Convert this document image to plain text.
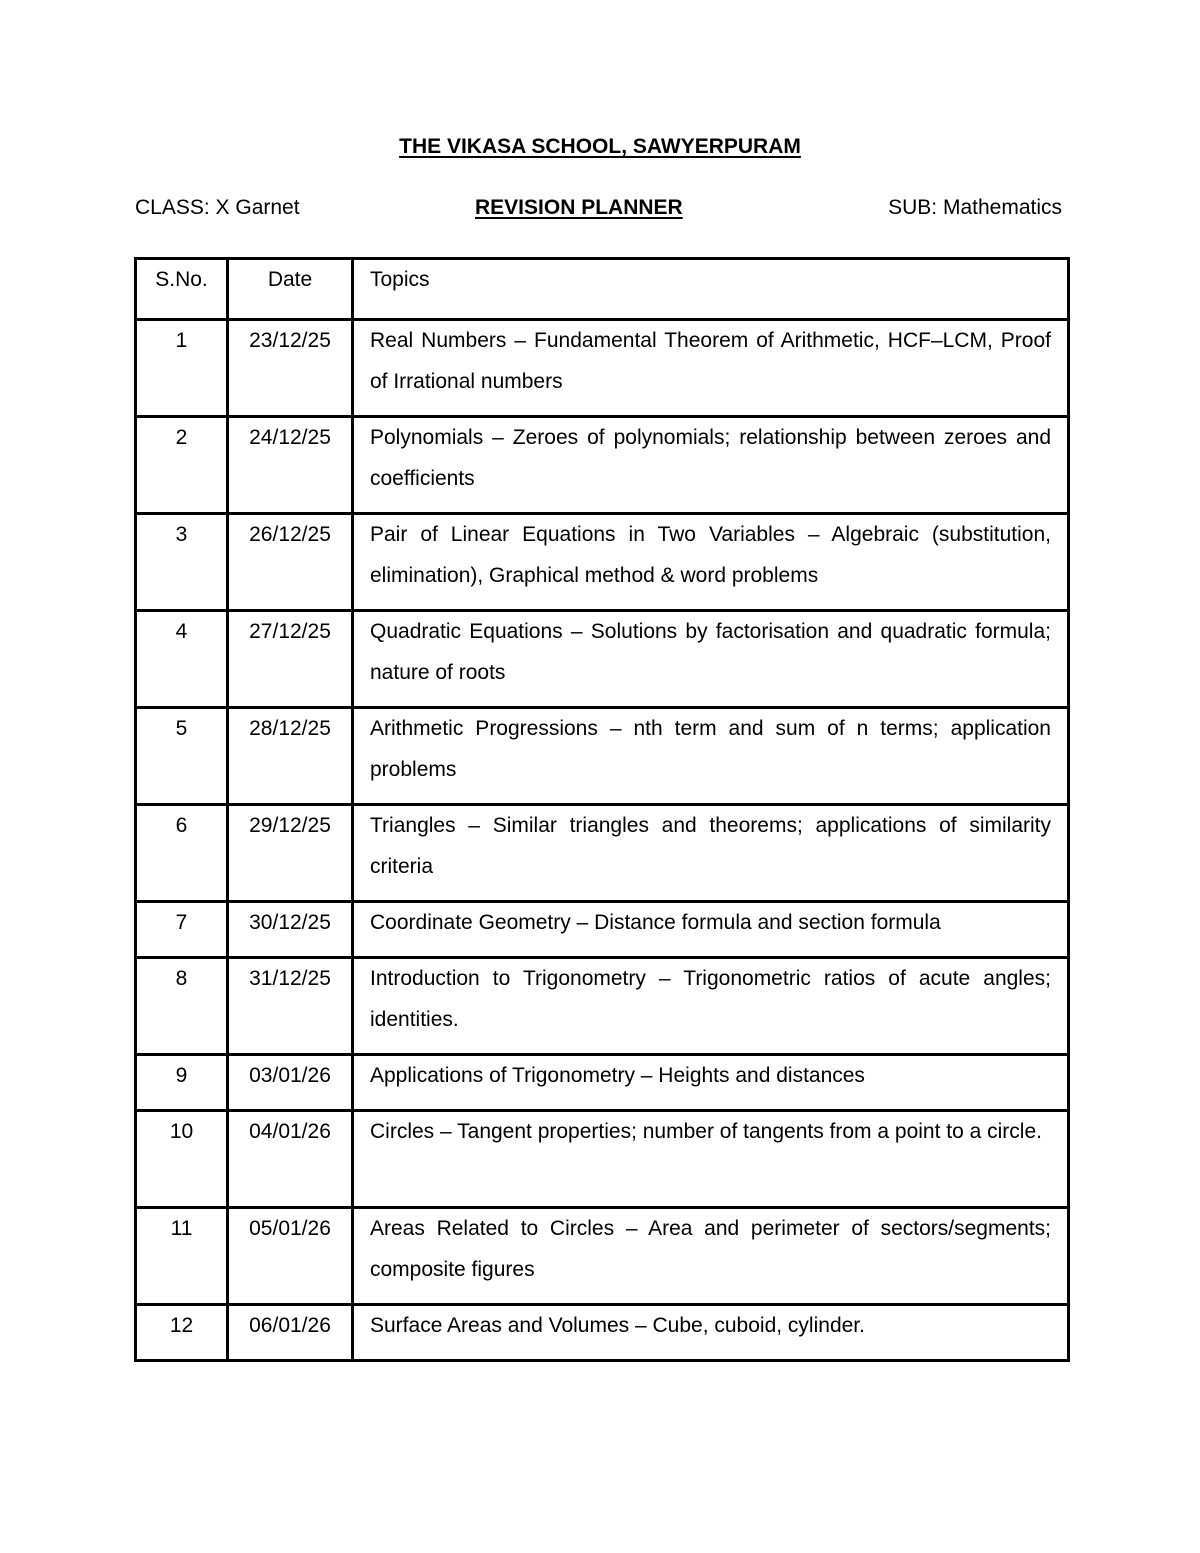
THE VIKASA SCHOOL, SAWYERPURAM
CLASS: X Garnet	REVISION PLANNER	SUB: Mathematics
S.No.	Date	Topics

1	23/12/25	Real Numbers – Fundamental Theorem of Arithmetic, HCF–LCM, Proof of Irrational numbers

2	24/12/25	Polynomials – Zeroes of polynomials; relationship between zeroes and coefficients

3	26/12/25	Pair of Linear Equations in Two Variables – Algebraic (substitution, elimination), Graphical method & word problems

4	27/12/25	Quadratic Equations – Solutions by factorisation and quadratic formula; nature of roots

5	28/12/25	Arithmetic Progressions – nth term and sum of n terms; application problems

6	29/12/25	Triangles – Similar triangles and theorems; applications of similarity criteria

7	30/12/25	Coordinate Geometry – Distance formula and section formula

8	31/12/25	Introduction to Trigonometry – Trigonometric ratios of acute angles; identities.

9	03/01/26	Applications of Trigonometry – Heights and distances

10	04/01/26	Circles – Tangent properties; number of tangents from a point to a circle.

11	05/01/26	Areas Related to Circles – Area and perimeter of sectors/segments; composite figures

12	06/01/26	Surface Areas and Volumes – Cube, cuboid, cylinder.
